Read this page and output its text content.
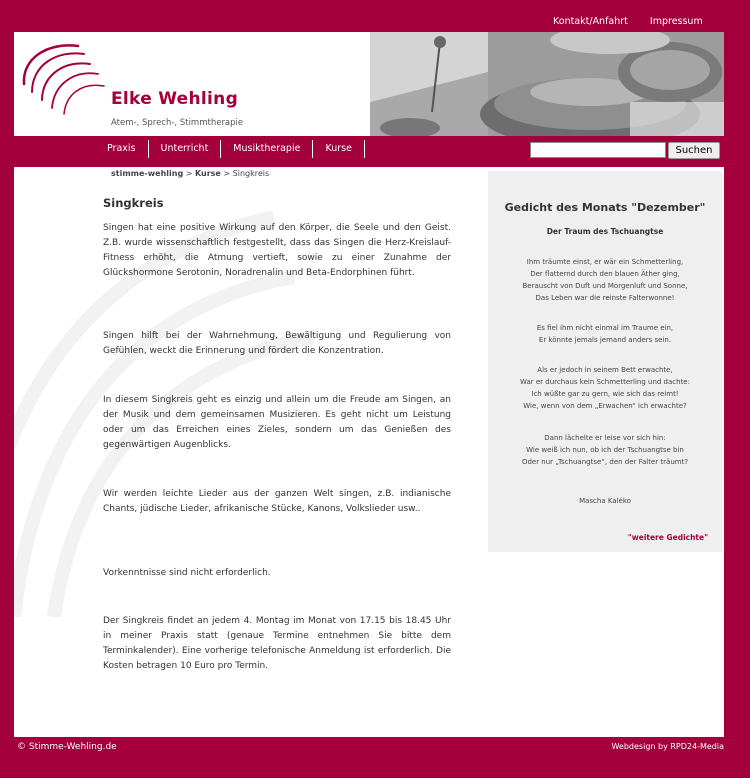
Kontakt/Anfahrt Impressum
Elke Wehling
Atem-, Sprech-, Stimmtherapie
Praxis	Unterricht	Musiktherapie	Kurse	Suchen
stimme-wehling > Kurse > Singkreis
Singkreis

Singen hat eine positive Wirkung auf den Körper, die Seele und den Geist. Z.B. wurde wissenschaftlich festgestellt, dass das Singen die Herz-Kreislauf-Fitness erhöht, die Atmung vertieft, sowie zu einer Zunahme der Glückshormone Serotonin, Noradrenalin und Beta-Endorphinen führt.

Singen hilft bei der Wahrnehmung, Bewältigung und Regulierung von Gefühlen, weckt die Erinnerung und fördert die Konzentration.

In diesem Singkreis geht es einzig und allein um die Freude am Singen, an der Musik und dem gemeinsamen Musizieren. Es geht nicht um Leistung oder um das Erreichen eines Zieles, sondern um das Genießen des gegenwärtigen Augenblicks.

Wir werden leichte Lieder aus der ganzen Welt singen, z.B. indianische Chants, jüdische Lieder, afrikanische Stücke, Kanons, Volkslieder usw..

Vorkenntnisse sind nicht erforderlich.

Der Singkreis findet an jedem 4. Montag im Monat von 17.15 bis 18.45 Uhr in meiner Praxis statt (genaue Termine entnehmen Sie bitte dem Terminkalender). Eine vorherige telefonische Anmeldung ist erforderlich. Die Kosten betragen 10 Euro pro Termin.

Gedicht des Monats "Dezember"
Der Traum des Tschuangtse
Ihm träumte einst, er wär ein Schmetterling,
Der flatternd durch den blauen Äther ging,
Berauscht von Duft und Morgenluft und Sonne,
Das Leben war die reinste Falterwonne!
Es fiel ihm nicht einmal im Traume ein,
Er könnte jemals jemand anders sein.
Als er jedoch in seinem Bett erwachte,
War er durchaus kein Schmetterling und dachte:
Ich wüßte gar zu gern, wie sich das reimt!
Wie, wenn von dem „Erwachen“ ich erwachte?
Dann lächelte er leise vor sich hin:
Wie weiß ich nun, ob ich der Tschuangtse bin
Oder nur „Tschuangtse“, den der Falter träumt?
Mascha Kaléko
"weitere Gedichte"
© Stimme-Wehling.de	Webdesign by RPD24-Media
